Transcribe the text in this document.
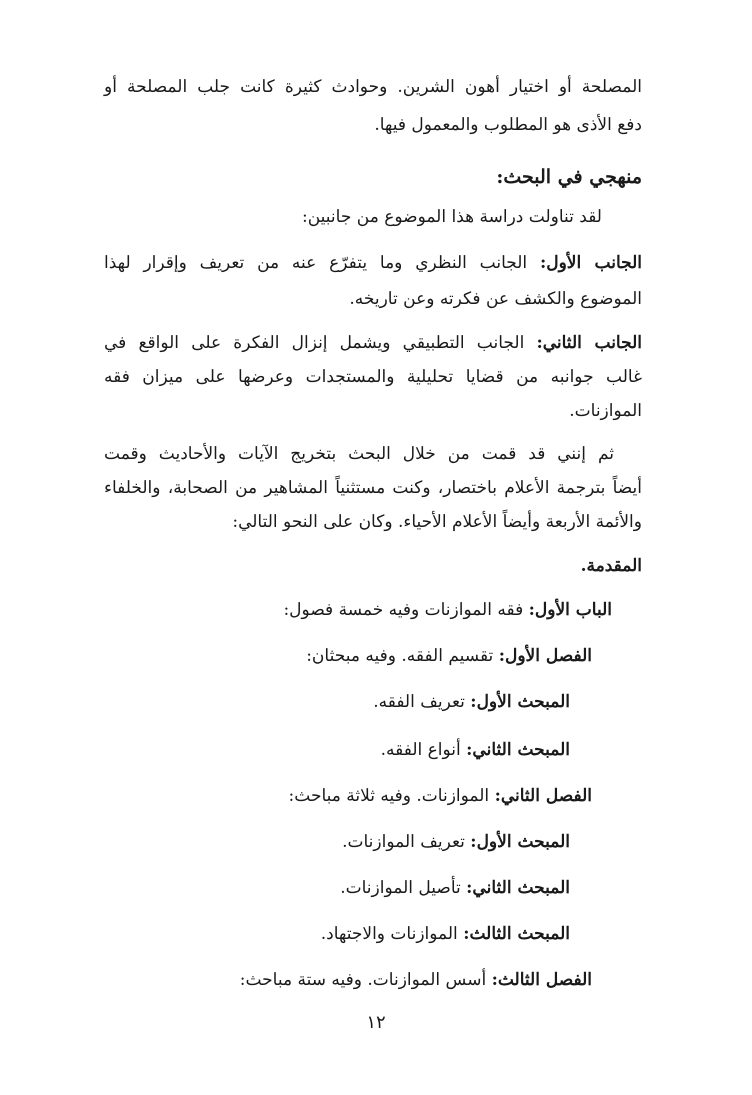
المصلحة أو اختيار أهون الشرين. وحوادث كثيرة كانت جلب المصلحة أو
دفع الأذى هو المطلوب والمعمول فيها.
منهجي في البحث:
لقد تناولت دراسة هذا الموضوع من جانبين:
الجانب الأول: الجانب النظري وما يتفرّع عنه من تعريف وإقرار لهذا
الموضوع والكشف عن فكرته وعن تاريخه.
الجانب الثاني: الجانب التطبيقي ويشمل إنزال الفكرة على الواقع في
غالب جوانبه من قضايا تحليلية والمستجدات وعرضها على ميزان فقه
الموازنات.
ثم إنني قد قمت من خلال البحث بتخريج الآيات والأحاديث وقمت
أيضاً بترجمة الأعلام باختصار، وكنت مستثنياً المشاهير من الصحابة، والخلفاء
والأئمة الأربعة وأيضاً الأعلام الأحياء. وكان على النحو التالي:
المقدمة.
الباب الأول: فقه الموازنات وفيه خمسة فصول:
الفصل الأول: تقسيم الفقه. وفيه مبحثان:
المبحث الأول: تعريف الفقه.
المبحث الثاني: أنواع الفقه.
الفصل الثاني: الموازنات. وفيه ثلاثة مباحث:
المبحث الأول: تعريف الموازنات.
المبحث الثاني: تأصيل الموازنات.
المبحث الثالث: الموازنات والاجتهاد.
الفصل الثالث: أسس الموازنات. وفيه ستة مباحث:
١٢
